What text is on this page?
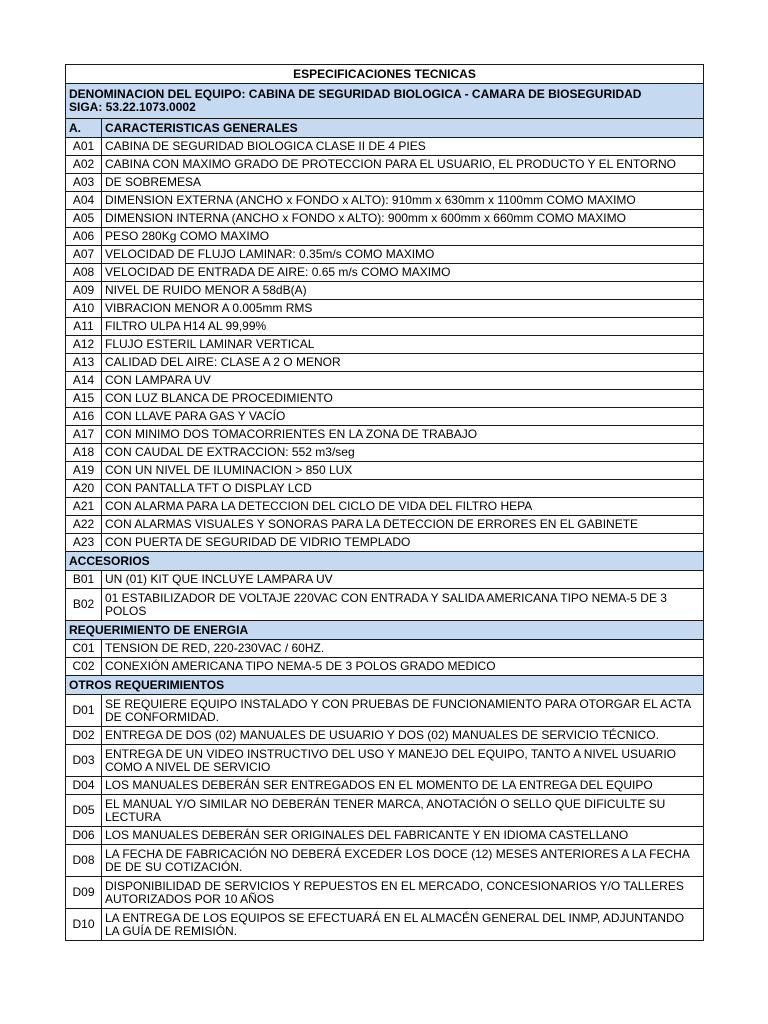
ESPECIFICACIONES TECNICAS	

DENOMINACION DEL EQUIPO: CABINA DE SEGURIDAD BIOLOGICA - CAMARA DE BIOSEGURIDAD
SIGA: 53.22.1073.0002	

A.	CARACTERISTICAS GENERALES
A01	CABINA DE SEGURIDAD BIOLOGICA CLASE II DE 4 PIES
A02	CABINA CON MAXIMO GRADO DE PROTECCION PARA EL USUARIO, EL PRODUCTO Y EL ENTORNO
A03	DE SOBREMESA
A04	DIMENSION EXTERNA (ANCHO x FONDO x ALTO): 910mm x 630mm x 1100mm COMO MAXIMO
A05	DIMENSION INTERNA (ANCHO x FONDO x ALTO): 900mm x 600mm x 660mm COMO MAXIMO
A06	PESO 280Kg COMO MAXIMO
A07	VELOCIDAD DE FLUJO LAMINAR: 0.35m/s COMO MAXIMO
A08	VELOCIDAD DE ENTRADA DE AIRE: 0.65 m/s COMO MAXIMO
A09	NIVEL DE RUIDO MENOR A 58dB(A)
A10	VIBRACION MENOR A 0.005mm RMS
A11	FILTRO ULPA H14 AL 99,99%
A12	FLUJO ESTERIL LAMINAR VERTICAL
A13	CALIDAD DEL AIRE: CLASE A 2 O MENOR
A14	CON LAMPARA UV
A15	CON LUZ BLANCA DE PROCEDIMIENTO
A16	CON LLAVE PARA GAS Y VACÍO
A17	CON MINIMO DOS TOMACORRIENTES EN LA ZONA DE TRABAJO
A18	CON CAUDAL DE EXTRACCION: 552 m3/seg
A19	CON UN NIVEL DE ILUMINACION > 850 LUX
A20	CON PANTALLA TFT O DISPLAY LCD
A21	CON ALARMA PARA LA DETECCION DEL CICLO DE VIDA DEL FILTRO HEPA
A22	CON ALARMAS VISUALES Y SONORAS PARA LA DETECCION DE ERRORES EN EL GABINETE
A23	CON PUERTA DE SEGURIDAD DE VIDRIO TEMPLADO
ACCESORIOS	
B01	UN (01) KIT QUE INCLUYE LAMPARA UV
B02	01 ESTABILIZADOR DE VOLTAJE 220VAC CON ENTRADA Y SALIDA AMERICANA TIPO NEMA-5 DE 3 POLOS
REQUERIMIENTO DE ENERGIA	
C01	TENSION DE RED, 220-230VAC / 60HZ.
C02	CONEXIÓN AMERICANA TIPO NEMA-5 DE 3 POLOS GRADO MEDICO
OTROS REQUERIMIENTOS	
D01	SE REQUIERE EQUIPO INSTALADO Y CON PRUEBAS DE FUNCIONAMIENTO PARA OTORGAR EL ACTA DE CONFORMIDAD.
D02	ENTREGA DE DOS (02) MANUALES DE USUARIO Y DOS (02) MANUALES DE SERVICIO TÉCNICO.
D03	ENTREGA DE UN VIDEO INSTRUCTIVO DEL USO Y MANEJO DEL EQUIPO, TANTO A NIVEL USUARIO COMO A NIVEL DE SERVICIO
D04	LOS MANUALES DEBERÁN SER ENTREGADOS EN EL MOMENTO DE LA ENTREGA DEL EQUIPO
D05	EL MANUAL Y/O SIMILAR NO DEBERÁN TENER MARCA, ANOTACIÓN O SELLO QUE DIFICULTE SU LECTURA
D06	LOS MANUALES DEBERÁN SER ORIGINALES DEL FABRICANTE Y EN IDIOMA CASTELLANO
D08	LA FECHA DE FABRICACIÓN NO DEBERÁ EXCEDER LOS DOCE (12) MESES ANTERIORES A LA FECHA DE DE SU COTIZACIÓN.
D09	DISPONIBILIDAD DE SERVICIOS Y REPUESTOS EN EL MERCADO, CONCESIONARIOS Y/O TALLERES AUTORIZADOS POR 10 AÑOS
D10	LA ENTREGA DE LOS EQUIPOS SE EFECTUARÁ EN EL ALMACÉN GENERAL DEL INMP, ADJUNTANDO LA GUÍA DE REMISIÓN.
